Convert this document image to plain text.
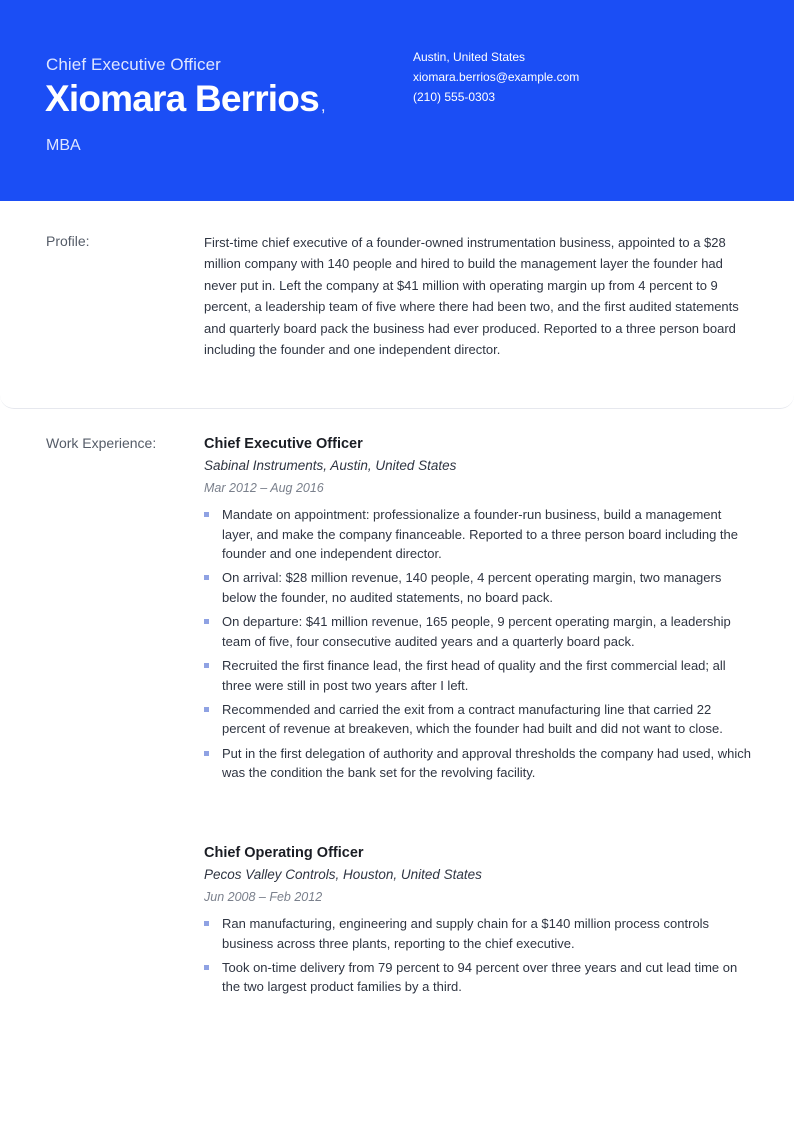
Chief Executive Officer
Xiomara Berrios ,
MBA
Austin, United States
xiomara.berrios@example.com
(210) 555-0303
Profile:	First-time chief executive of a founder-owned instrumentation business, appointed to a $28 million company with 140 people and hired to build the management layer the founder had never put in. Left the company at $41 million with operating margin up from 4 percent to 9 percent, a leadership team of five where there had been two, and the first audited statements and quarterly board pack the business had ever produced. Reported to a three person board including the founder and one independent director.
Work Experience:	Chief Executive Officer
Sabinal Instruments, Austin, United States
Mar 2012 – Aug 2016
Mandate on appointment: professionalize a founder-run business, build a management layer, and make the company financeable. Reported to a three person board including the founder and one independent director.
On arrival: $28 million revenue, 140 people, 4 percent operating margin, two managers below the founder, no audited statements, no board pack.
On departure: $41 million revenue, 165 people, 9 percent operating margin, a leadership team of five, four consecutive audited years and a quarterly board pack.
Recruited the first finance lead, the first head of quality and the first commercial lead; all three were still in post two years after I left.
Recommended and carried the exit from a contract manufacturing line that carried 22 percent of revenue at breakeven, which the founder had built and did not want to close.
Put in the first delegation of authority and approval thresholds the company had used, which was the condition the bank set for the revolving facility.
Chief Operating Officer
Pecos Valley Controls, Houston, United States
Jun 2008 – Feb 2012
Ran manufacturing, engineering and supply chain for a $140 million process controls business across three plants, reporting to the chief executive.
Took on-time delivery from 79 percent to 94 percent over three years and cut lead time on the two largest product families by a third.
